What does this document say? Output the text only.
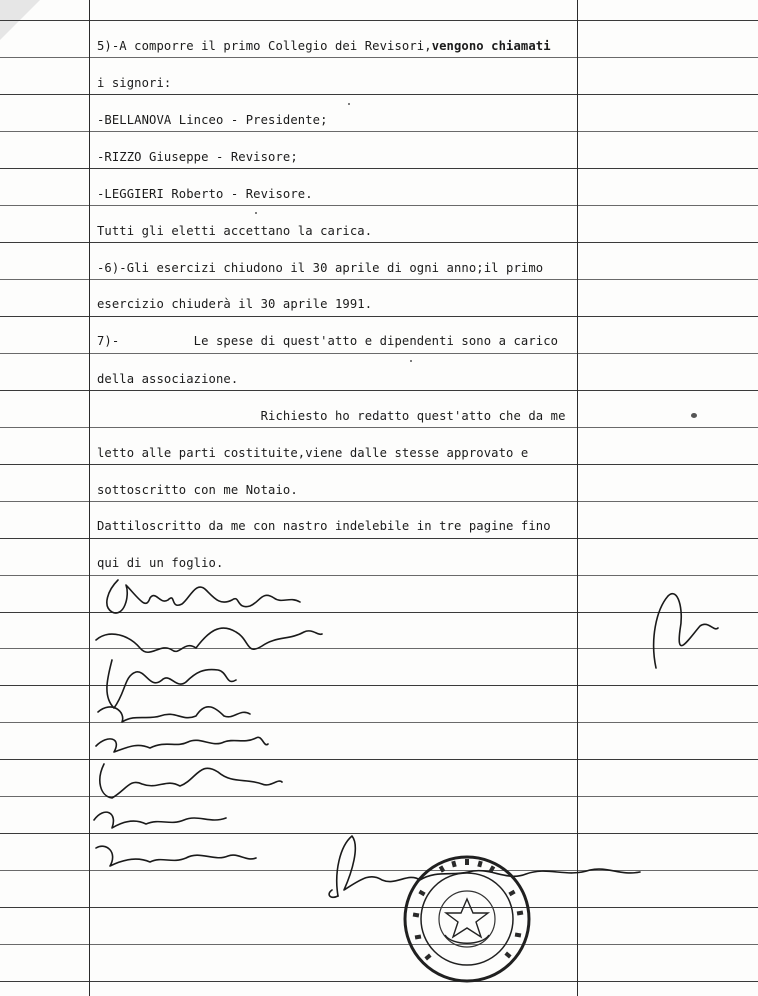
5)-A comporre il primo Collegio dei Revisori,vengono chiamati
i signori:
-BELLANOVA Linceo - Presidente;
-RIZZO Giuseppe - Revisore;
-LEGGIERI Roberto - Revisore.
Tutti gli eletti accettano la carica.
-6)-Gli esercizi chiudono il 30 aprile di ogni anno;il primo
esercizio chiuderà il 30 aprile 1991.
7)-          Le spese di quest'atto e dipendenti sono a carico
della associazione.
Richiesto ho redatto quest'atto che da me
letto alle parti costituite,viene dalle stesse approvato e
sottoscritto con me Notaio.
Dattiloscritto da me con nastro indelebile in tre pagine fino
qui di un foglio.
